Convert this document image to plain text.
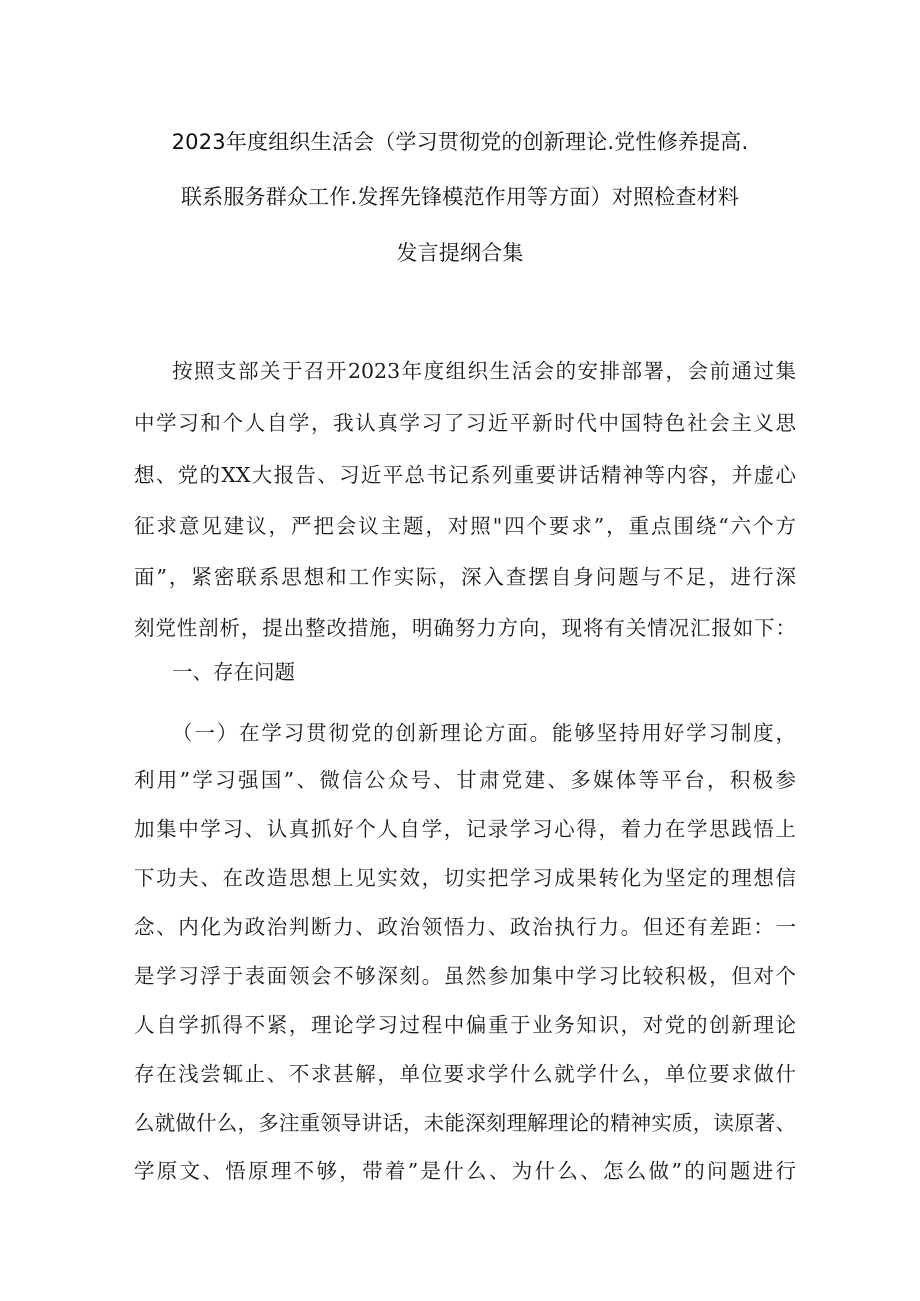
2023年度组织生活会（学习贯彻党的创新理论.党性修养提高.
联系服务群众工作.发挥先锋模范作用等方面）对照检查材料
发言提纲合集
按照支部关于召开2023年度组织生活会的安排部署，会前通过集
中学习和个人自学，我认真学习了习近平新时代中国特色社会主义思
想、党的XX大报告、习近平总书记系列重要讲话精神等内容，并虚心
征求意见建议，严把会议主题，对照"四个要求”，重点围绕“六个方
面”，紧密联系思想和工作实际，深入查摆自身问题与不足，进行深
刻党性剖析，提出整改措施，明确努力方向，现将有关情况汇报如下：
一、存在问题
（一）在学习贯彻党的创新理论方面。能够坚持用好学习制度，
利用”学习强国”、微信公众号、甘肃党建、多媒体等平台，积极参
加集中学习、认真抓好个人自学，记录学习心得，着力在学思践悟上
下功夫、在改造思想上见实效，切实把学习成果转化为坚定的理想信
念、内化为政治判断力、政治领悟力、政治执行力。但还有差距：一
是学习浮于表面领会不够深刻。虽然参加集中学习比较积极，但对个
人自学抓得不紧，理论学习过程中偏重于业务知识，对党的创新理论
存在浅尝辄止、不求甚解，单位要求学什么就学什么，单位要求做什
么就做什么，多注重领导讲话，未能深刻理解理论的精神实质，读原著、
学原文、悟原理不够，带着”是什么、为什么、怎么做”的问题进行
